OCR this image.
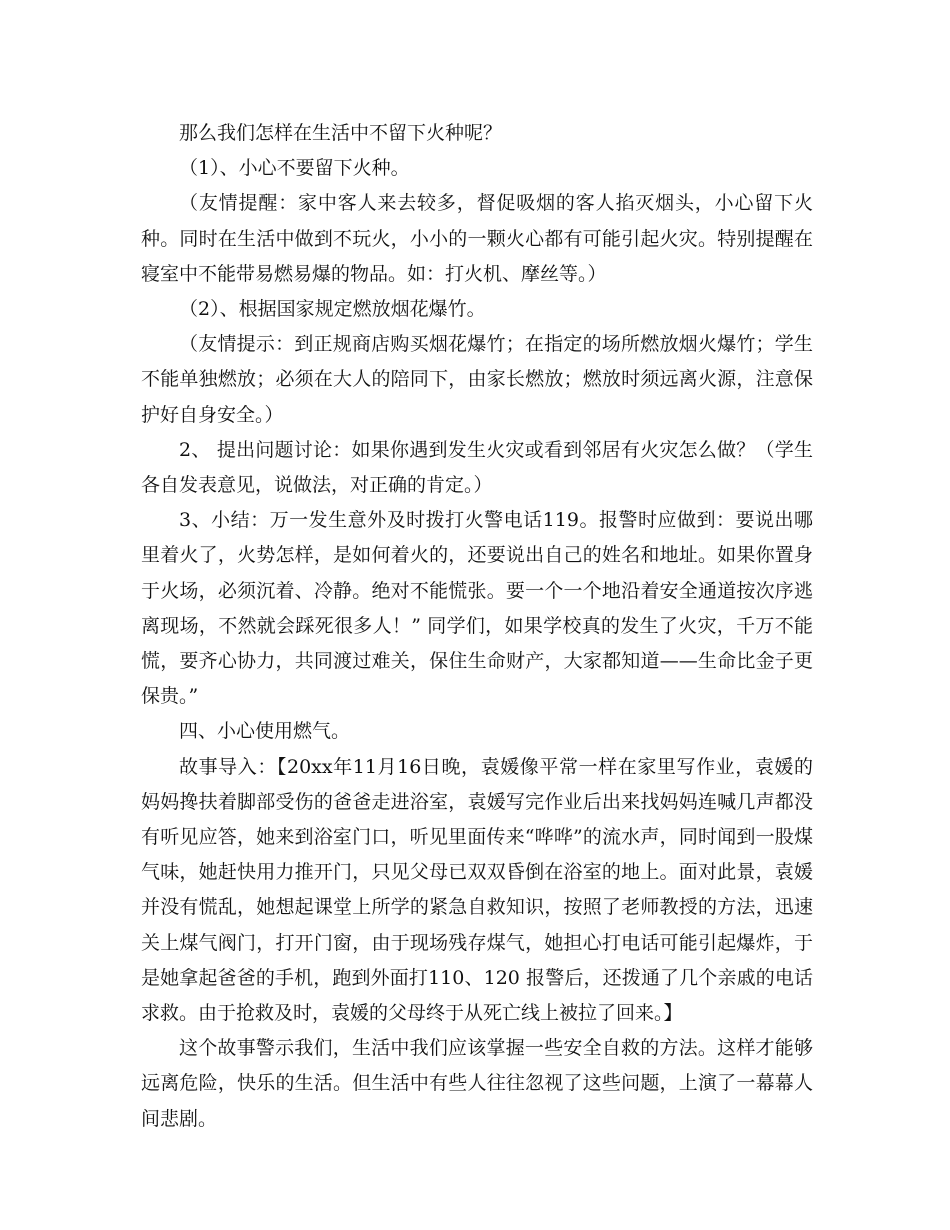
那么我们怎样在生活中不留下火种呢？

（1）、小心不要留下火种。

（友情提醒：家中客人来去较多，督促吸烟的客人掐灭烟头，小心留下火种。同时在生活中做到不玩火，小小的一颗火心都有可能引起火灾。特别提醒在寝室中不能带易燃易爆的物品。如：打火机、摩丝等。）

（2）、根据国家规定燃放烟花爆竹。

（友情提示：到正规商店购买烟花爆竹；在指定的场所燃放烟火爆竹；学生不能单独燃放；必须在大人的陪同下，由家长燃放；燃放时须远离火源，注意保护好自身安全。）

2、 提出问题讨论：如果你遇到发生火灾或看到邻居有火灾怎么做？（学生各自发表意见，说做法，对正确的肯定。）

3、小结：万一发生意外及时拨打火警电话119。报警时应做到：要说出哪里着火了，火势怎样，是如何着火的，还要说出自己的姓名和地址。如果你置身于火场，必须沉着、冷静。绝对不能慌张。要一个一个地沿着安全通道按次序逃离现场，不然就会踩死很多人！” 同学们，如果学校真的发生了火灾，千万不能慌，要齐心协力，共同渡过难关，保住生命财产，大家都知道——生命比金子更保贵。”

四、小心使用燃气。

故事导入：【20xx年11月16日晚，袁媛像平常一样在家里写作业，袁媛的妈妈搀扶着脚部受伤的爸爸走进浴室，袁媛写完作业后出来找妈妈连喊几声都没有听见应答，她来到浴室门口，听见里面传来“哗哗”的流水声，同时闻到一股煤气味，她赶快用力推开门，只见父母已双双昏倒在浴室的地上。面对此景，袁媛并没有慌乱，她想起课堂上所学的紧急自救知识，按照了老师教授的方法，迅速关上煤气阀门，打开门窗，由于现场残存煤气，她担心打电话可能引起爆炸，于是她拿起爸爸的手机，跑到外面打110、120 报警后，还拨通了几个亲戚的电话求救。由于抢救及时，袁媛的父母终于从死亡线上被拉了回来。】

这个故事警示我们，生活中我们应该掌握一些安全自救的方法。这样才能够远离危险，快乐的生活。但生活中有些人往往忽视了这些问题，上演了一幕幕人间悲剧。
